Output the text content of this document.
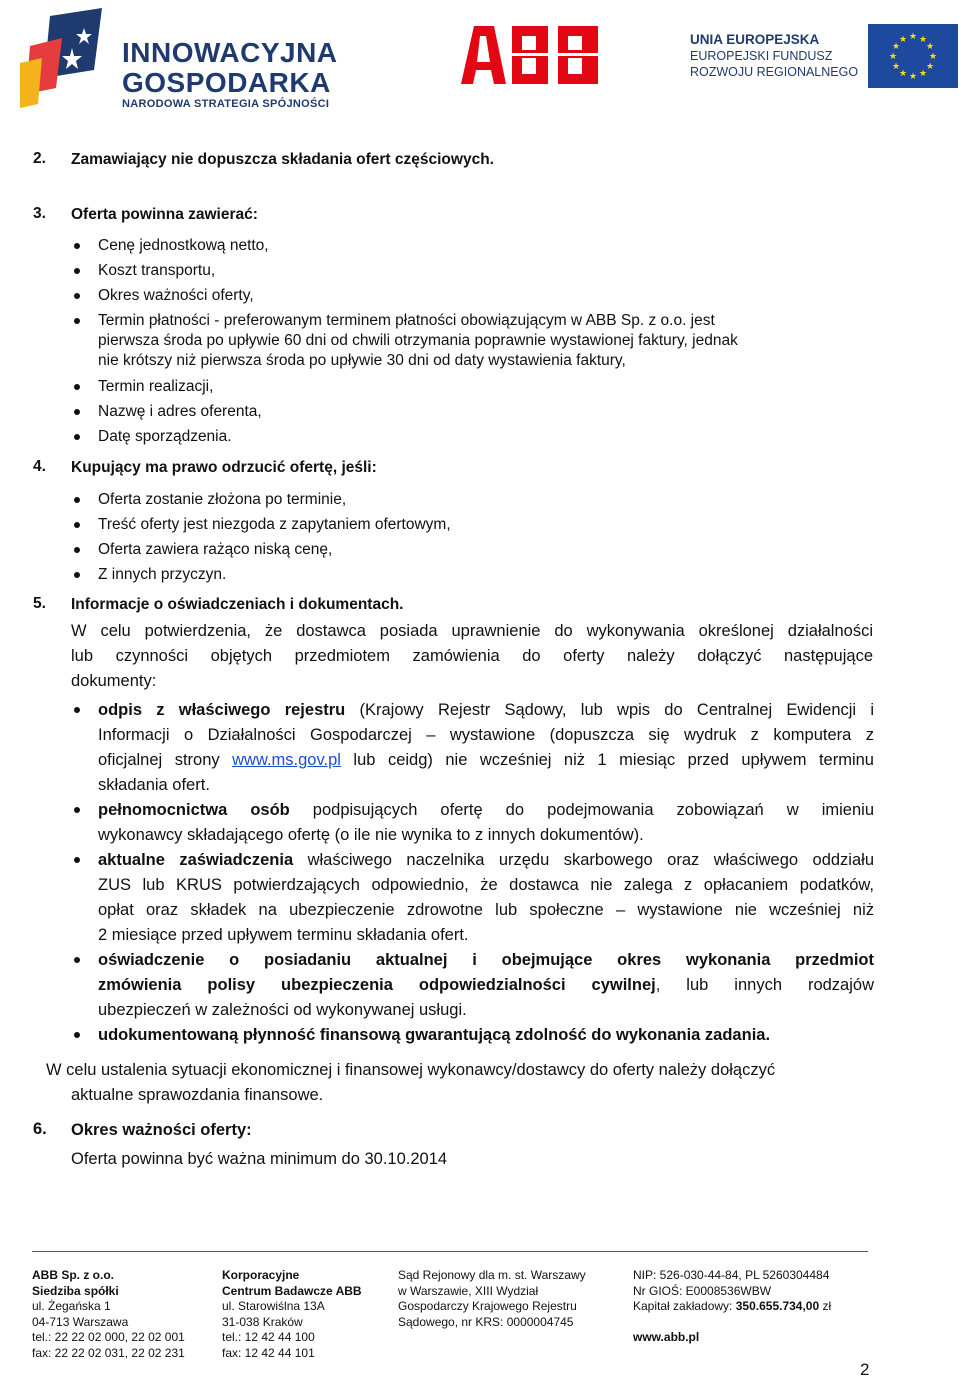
INNOWACYJNA
GOSPODARKA
NARODOWA STRATEGIA SPÓJNOŚCI
UNIA EUROPEJSKA
EUROPEJSKI FUNDUSZ
ROZWOJU REGIONALNEGO
★ ★
★
★
★
★
★
★
★
★
★
★
2. Zamawiający nie dopuszcza składania ofert częściowych.
3. Oferta powinna zawierać:
Cenę jednostkową netto,
Koszt transportu,
Okres ważności oferty,
Termin płatności - preferowanym terminem płatności obowiązującym w ABB Sp. z o.o. jest
pierwsza środa po upływie 60 dni od chwili otrzymania poprawnie wystawionej faktury, jednak
nie krótszy niż pierwsza środa po upływie 30 dni od daty wystawienia faktury,
Termin realizacji,
Nazwę i adres oferenta,
Datę sporządzenia.
4. Kupujący ma prawo odrzucić ofertę, jeśli:
Oferta zostanie złożona po terminie,
Treść oferty jest niezgoda z zapytaniem ofertowym,
Oferta zawiera rażąco niską cenę,
Z innych przyczyn.
5. Informacje o oświadczeniach i dokumentach.
W celu potwierdzenia, że dostawca posiada uprawnienie do wykonywania określonej działalności
lub czynności objętych przedmiotem zamówienia do oferty należy dołączyć następujące
dokumenty:
odpis z właściwego rejestru (Krajowy Rejestr Sądowy, lub wpis do Centralnej Ewidencji i
Informacji o Działalności Gospodarczej – wystawione (dopuszcza się wydruk z komputera z
oficjalnej strony www.ms.gov.pl lub ceidg) nie wcześniej niż 1 miesiąc przed upływem terminu
składania ofert.
pełnomocnictwa osób podpisujących ofertę do podejmowania zobowiązań w imieniu
wykonawcy składającego ofertę (o ile nie wynika to z innych dokumentów).
aktualne zaświadczenia właściwego naczelnika urzędu skarbowego oraz właściwego oddziału
ZUS lub KRUS potwierdzających odpowiednio, że dostawca nie zalega z opłacaniem podatków,
opłat oraz składek na ubezpieczenie zdrowotne lub społeczne – wystawione nie wcześniej niż
2 miesiące przed upływem terminu składania ofert.
oświadczenie o posiadaniu aktualnej i obejmujące okres wykonania przedmiot
zmówienia polisy ubezpieczenia odpowiedzialności cywilnej, lub innych rodzajów
ubezpieczeń w zależności od wykonywanej usługi.
udokumentowaną płynność finansową gwarantującą zdolność do wykonania zadania.
W celu ustalenia sytuacji ekonomicznej i finansowej wykonawcy/dostawcy do oferty należy dołączyć
aktualne sprawozdania finansowe.
6. Okres ważności oferty:
Oferta powinna być ważna minimum do 30.10.2014
ABB Sp. z o.o.
Siedziba spółki
ul. Żegańska 1
04-713 Warszawa
tel.: 22 22 02 000, 22 02 001
fax: 22 22 02 031, 22 02 231
Korporacyjne
Centrum Badawcze ABB
ul. Starowiślna 13A
31-038 Kraków
tel.: 12 42 44 100
fax: 12 42 44 101
Sąd Rejonowy dla m. st. Warszawy
w Warszawie, XIII Wydział
Gospodarczy Krajowego Rejestru
Sądowego, nr KRS: 0000004745
NIP: 526-030-44-84, PL 5260304484
Nr GIOŚ: E0008536WBW
Kapitał zakładowy: 350.655.734,00 zł
www.abb.pl
2
